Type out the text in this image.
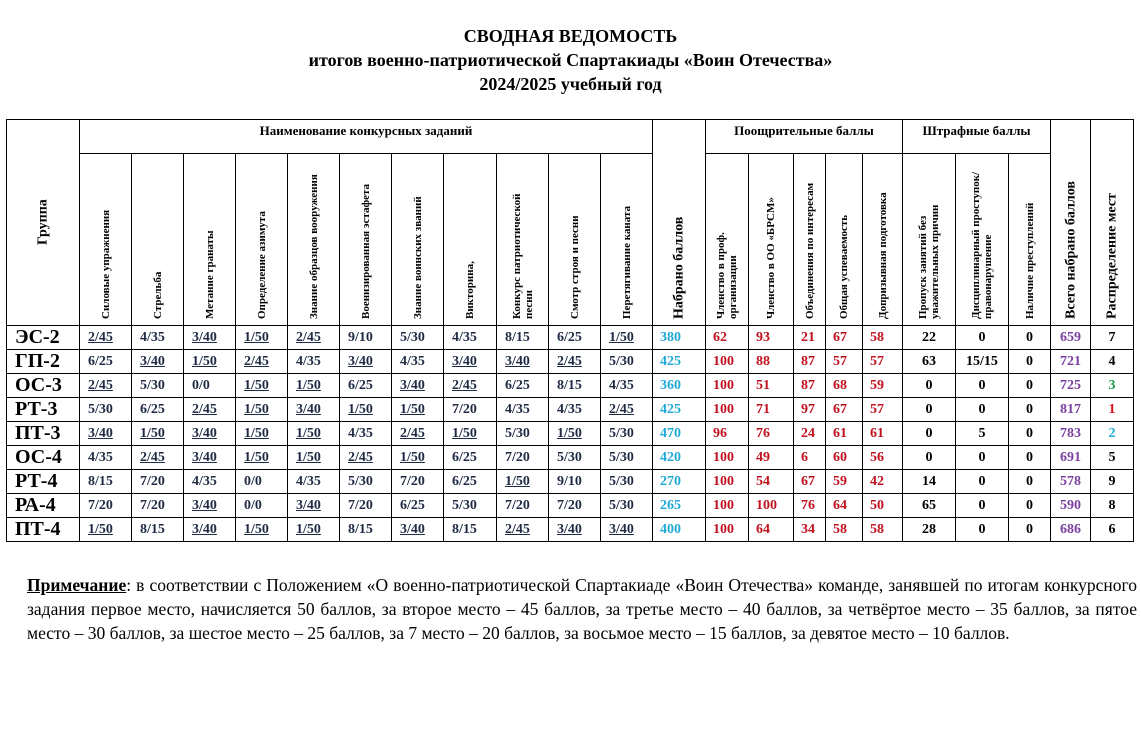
СВОДНАЯ ВЕДОМОСТЬ
итогов военно-патриотической Спартакиады «Воин Отечества»
2024/2025 учебный год
Группа	Наименование конкурсных заданий											Набрано баллов	Поощрительные баллы					Штрафные баллы			Всего набрано баллов	Распределение мест

	Силовые упражнения	Стрельба	Метание гранаты	Определение азимута	Знание образцов вооружения	Военизированная эстафета	Знание воинских званий	Викторина,	Конкурс патриотической песни	Смотр строя и песни	Перетягивание каната		Членство в проф. организации	Членство в ОО «БРСМ»	Объединения по интересам	Общая успеваемость	Допризывная подготовка	Пропуск занятий без уважительных причин	Дисциплинарный проступок/правонарушение	Наличие преступлений		

ЭС-2	2/45	4/35	3/40	1/50	2/45	9/10	5/30	4/35	8/15	6/25	1/50	380	62	93	21	67	58	22	0	0	659	7
ГП-2	6/25	3/40	1/50	2/45	4/35	3/40	4/35	3/40	3/40	2/45	5/30	425	100	88	87	57	57	63	15/15	0	721	4
ОС-3	2/45	5/30	0/0	1/50	1/50	6/25	3/40	2/45	6/25	8/15	4/35	360	100	51	87	68	59	0	0	0	725	3
РТ-3	5/30	6/25	2/45	1/50	3/40	1/50	1/50	7/20	4/35	4/35	2/45	425	100	71	97	67	57	0	0	0	817	1
ПТ-3	3/40	1/50	3/40	1/50	1/50	4/35	2/45	1/50	5/30	1/50	5/30	470	96	76	24	61	61	0	5	0	783	2
ОС-4	4/35	2/45	3/40	1/50	1/50	2/45	1/50	6/25	7/20	5/30	5/30	420	100	49	6	60	56	0	0	0	691	5
РТ-4	8/15	7/20	4/35	0/0	4/35	5/30	7/20	6/25	1/50	9/10	5/30	270	100	54	67	59	42	14	0	0	578	9
РА-4	7/20	7/20	3/40	0/0	3/40	7/20	6/25	5/30	7/20	7/20	5/30	265	100	100	76	64	50	65	0	0	590	8
ПТ-4	1/50	8/15	3/40	1/50	1/50	8/15	3/40	8/15	2/45	3/40	3/40	400	100	64	34	58	58	28	0	0	686	6
Примечание: в соответствии с Положением «О военно-патриотической Спартакиаде «Воин Отечества» команде, занявшей по итогам конкурсного задания первое место, начисляется 50 баллов, за второе место – 45 баллов, за третье место – 40 баллов, за четвёртое место – 35 баллов, за пятое место – 30 баллов, за шестое место – 25 баллов, за 7 место – 20 баллов, за восьмое место – 15 баллов, за девятое место – 10 баллов.
